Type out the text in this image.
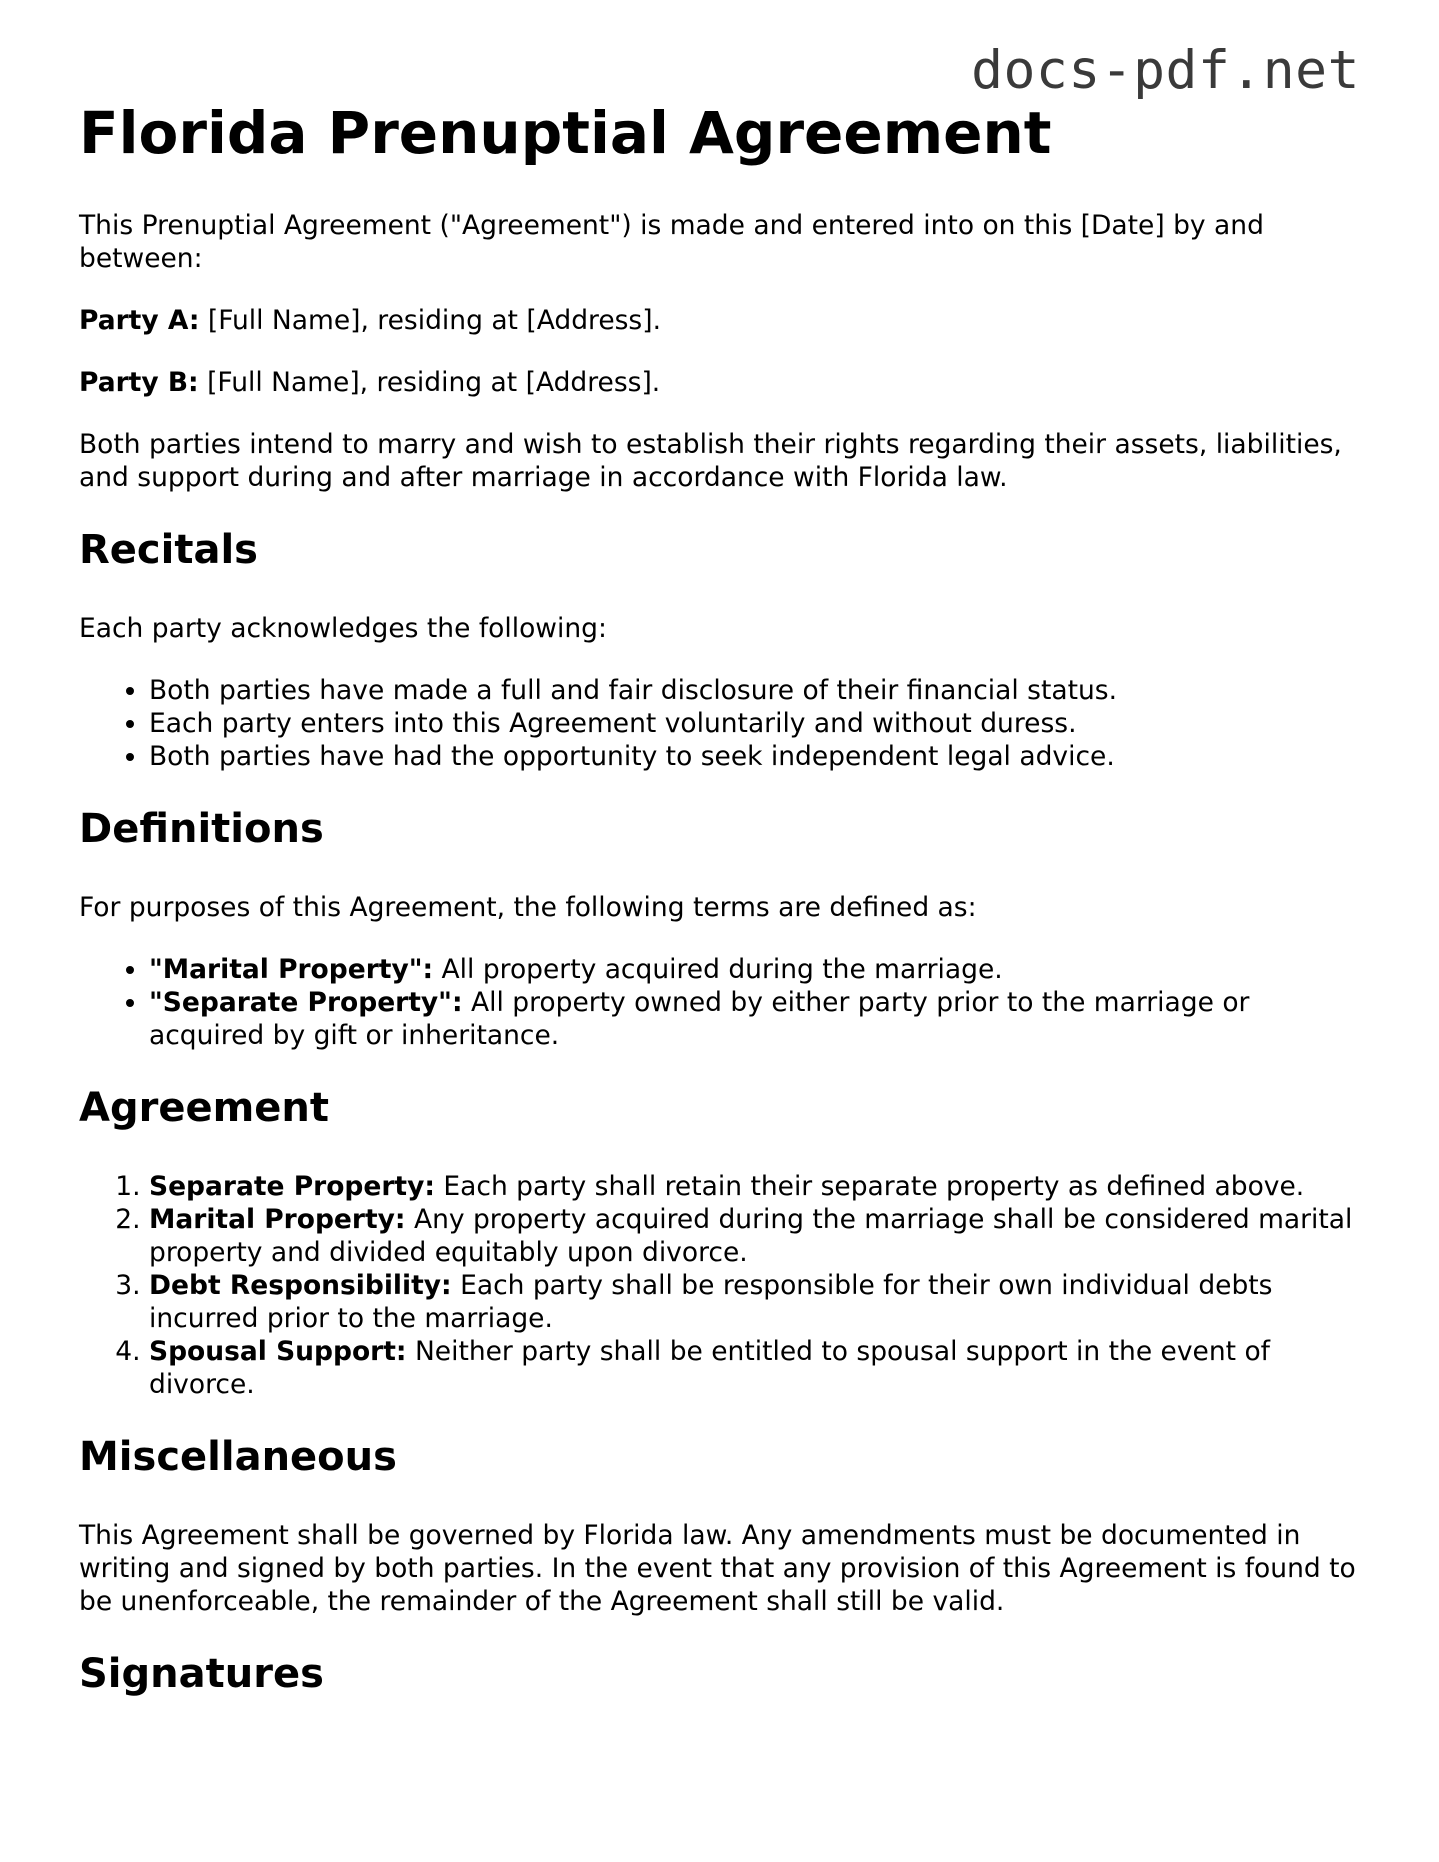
docs-pdf.net
Florida Prenuptial Agreement

This Prenuptial Agreement ("Agreement") is made and entered into on this [Date] by and between:

Party A: [Full Name], residing at [Address].

Party B: [Full Name], residing at [Address].

Both parties intend to marry and wish to establish their rights regarding their assets, liabilities, and support during and after marriage in accordance with Florida law.

Recitals

Each party acknowledges the following:

• Both parties have made a full and fair disclosure of their financial status.
• Each party enters into this Agreement voluntarily and without duress.
• Both parties have had the opportunity to seek independent legal advice.
Definitions

For purposes of this Agreement, the following terms are defined as:

• "Marital Property": All property acquired during the marriage.
• "Separate Property": All property owned by either party prior to the marriage or acquired by gift or inheritance.
Agreement
1. Separate Property: Each party shall retain their separate property as defined above.
2. Marital Property: Any property acquired during the marriage shall be considered marital property and divided equitably upon divorce.
3. Debt Responsibility: Each party shall be responsible for their own individual debts incurred prior to the marriage.
4. Spousal Support: Neither party shall be entitled to spousal support in the event of divorce.
Miscellaneous

This Agreement shall be governed by Florida law. Any amendments must be documented in writing and signed by both parties. In the event that any provision of this Agreement is found to be unenforceable, the remainder of the Agreement shall still be valid.

Signatures
